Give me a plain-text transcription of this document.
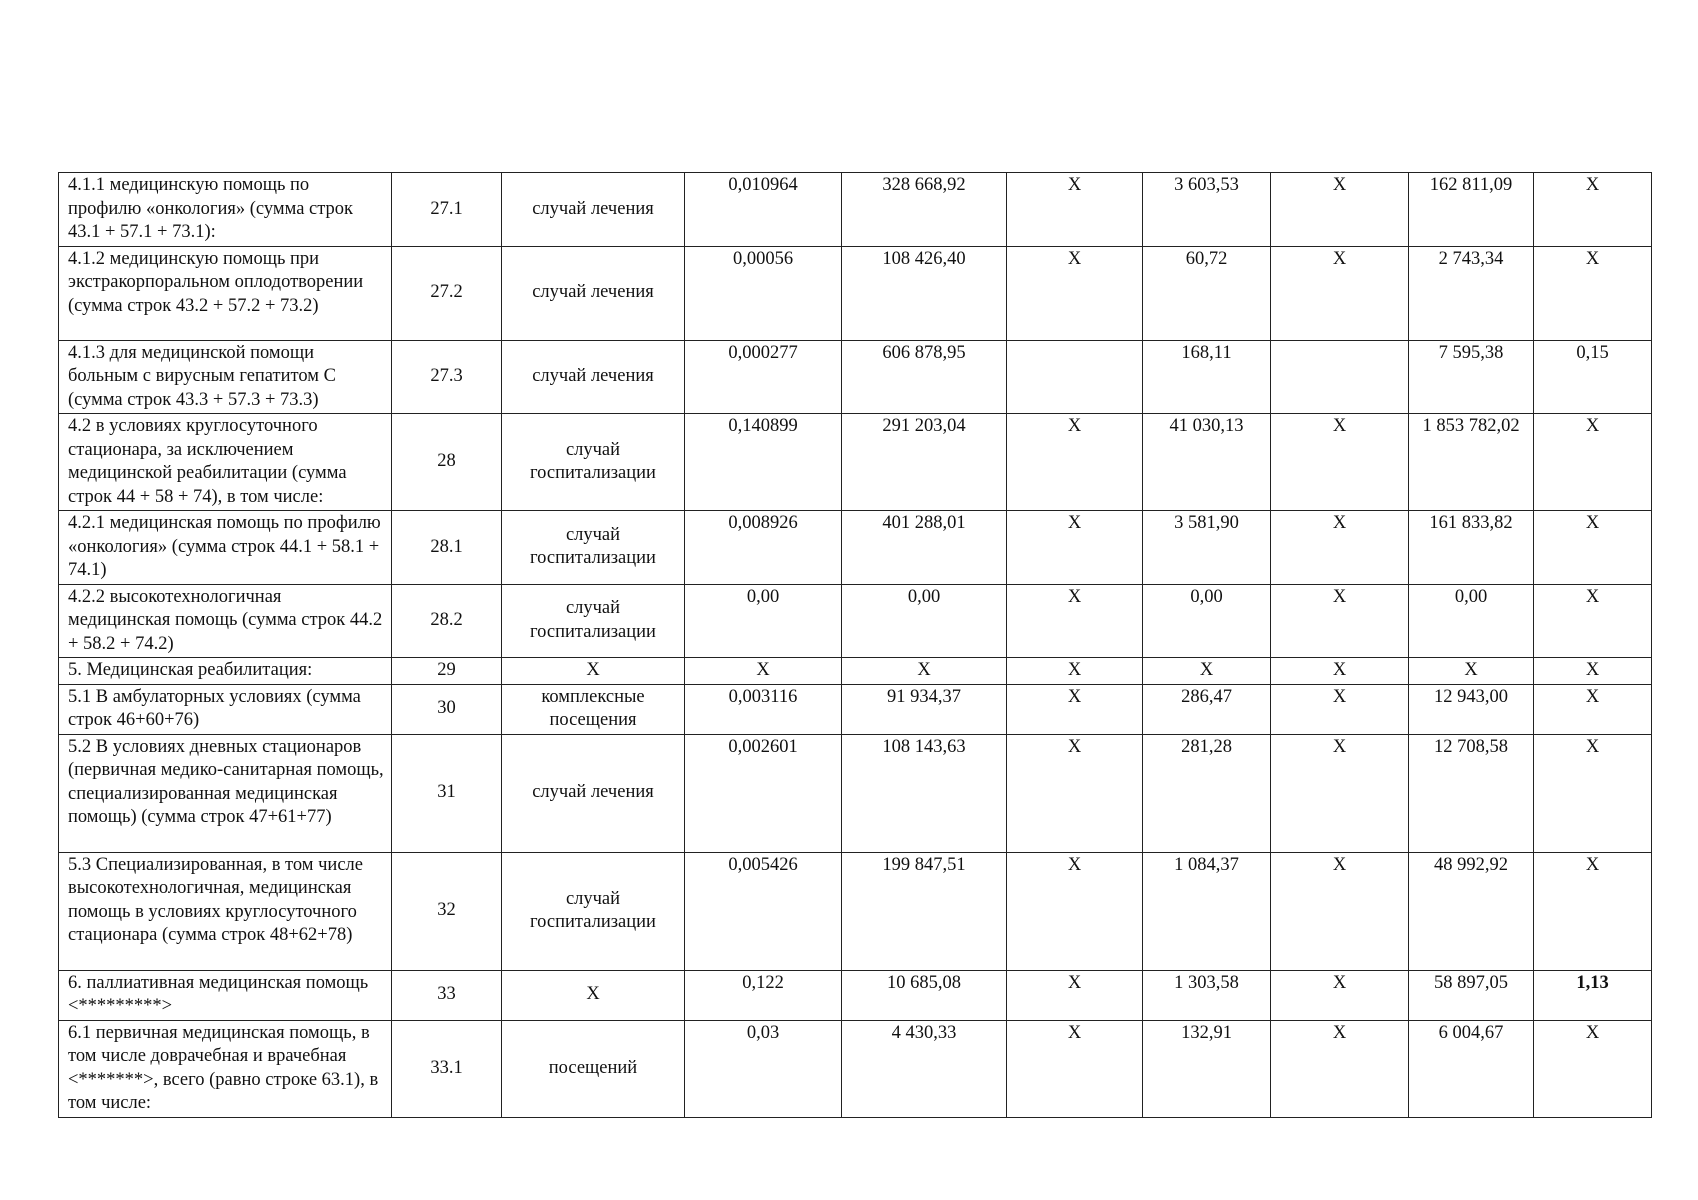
4.1.1 медицинскую помощь по профилю «онкология» (сумма строк 43.1 + 57.1 + 73.1):	27.1	случай лечения	0,010964	328 668,92	Х	3 603,53	Х	162 811,09	Х
4.1.2 медицинскую помощь при экстракорпоральном оплодотворении (сумма строк 43.2 + 57.2 + 73.2)	27.2	случай лечения	0,00056	108 426,40	Х	60,72	Х	2 743,34	Х
4.1.3 для медицинской помощи больным с вирусным гепатитом С (сумма строк 43.3 + 57.3 + 73.3)	27.3	случай лечения	0,000277	606 878,95		168,11		7 595,38	0,15
4.2 в условиях круглосуточного стационара, за исключением медицинской реабилитации (сумма строк 44 + 58 + 74), в том числе:	28	случай госпитализации	0,140899	291 203,04	Х	41 030,13	Х	1 853 782,02	Х
4.2.1 медицинская помощь по профилю «онкология» (сумма строк 44.1 + 58.1 + 74.1)	28.1	случай госпитализации	0,008926	401 288,01	Х	3 581,90	Х	161 833,82	Х
4.2.2 высокотехнологичная медицинская помощь (сумма строк 44.2 + 58.2 + 74.2)	28.2	случай госпитализации	0,00	0,00	Х	0,00	Х	0,00	Х
5. Медицинская реабилитация:	29	Х	Х	Х	Х	Х	Х	Х	Х
5.1 В амбулаторных условиях (сумма строк 46+60+76)	30	комплексные посещения	0,003116	91 934,37	Х	286,47	Х	12 943,00	Х
5.2 В условиях дневных стационаров (первичная медико-санитарная помощь, специализированная медицинская помощь) (сумма строк 47+61+77)	31	случай лечения	0,002601	108 143,63	Х	281,28	Х	12 708,58	Х
5.3 Специализированная, в том числе высокотехнологичная, медицинская помощь в условиях круглосуточного стационара (сумма строк 48+62+78)	32	случай госпитализации	0,005426	199 847,51	Х	1 084,37	Х	48 992,92	Х
6. паллиативная медицинская помощь <*********>	33	Х	0,122	10 685,08	Х	1 303,58	Х	58 897,05	1,13
6.1 первичная медицинская помощь, в том числе доврачебная и врачебная <*******>, всего (равно строке 63.1), в том числе:	33.1	посещений	0,03	4 430,33	Х	132,91	Х	6 004,67	Х
